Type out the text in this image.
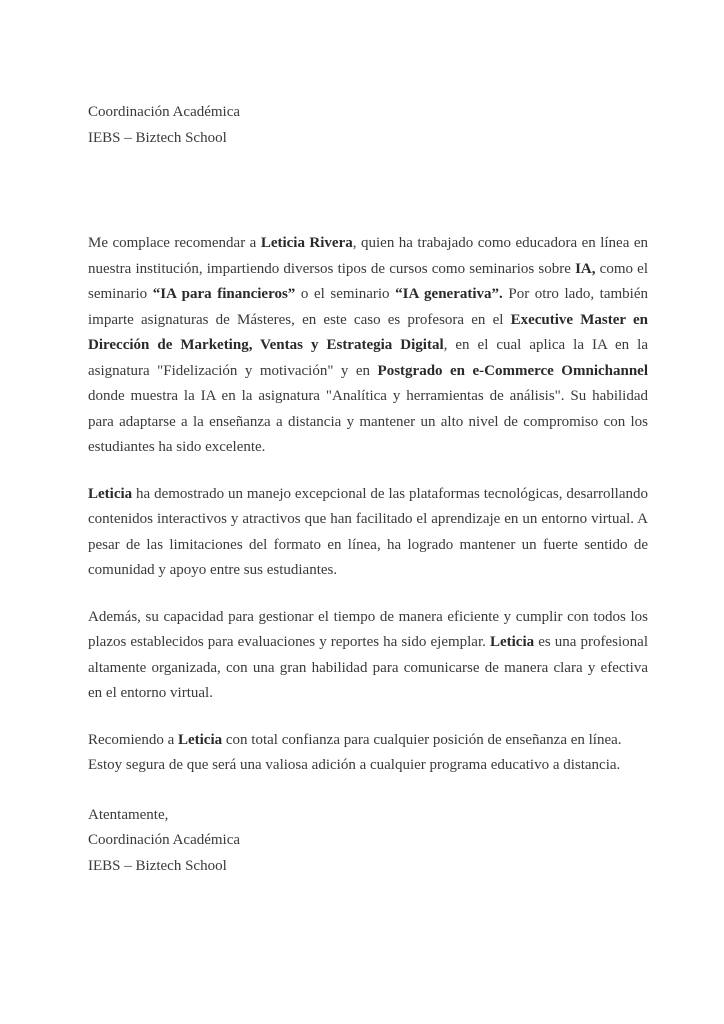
Coordinación Académica
IEBS – Biztech School

Me complace recomendar a Leticia Rivera, quien ha trabajado como educadora en línea en nuestra institución, impartiendo diversos tipos de cursos como seminarios sobre IA, como el seminario “IA para financieros” o el seminario “IA generativa”. Por otro lado, también imparte asignaturas de Másteres, en este caso es profesora en el Executive Master en Dirección de Marketing, Ventas y Estrategia Digital, en el cual aplica la IA en la asignatura "Fidelización y motivación" y en Postgrado en e-Commerce Omnichannel donde muestra la IA en la asignatura "Analítica y herramientas de análisis". Su habilidad para adaptarse a la enseñanza a distancia y mantener un alto nivel de compromiso con los estudiantes ha sido excelente.

Leticia ha demostrado un manejo excepcional de las plataformas tecnológicas, desarrollando contenidos interactivos y atractivos que han facilitado el aprendizaje en un entorno virtual. A pesar de las limitaciones del formato en línea, ha logrado mantener un fuerte sentido de comunidad y apoyo entre sus estudiantes.

Además, su capacidad para gestionar el tiempo de manera eficiente y cumplir con todos los plazos establecidos para evaluaciones y reportes ha sido ejemplar. Leticia es una profesional altamente organizada, con una gran habilidad para comunicarse de manera clara y efectiva en el entorno virtual.

Recomiendo a Leticia con total confianza para cualquier posición de enseñanza en línea.
Estoy segura de que será una valiosa adición a cualquier programa educativo a distancia.

Atentamente,
Coordinación Académica
IEBS – Biztech School
